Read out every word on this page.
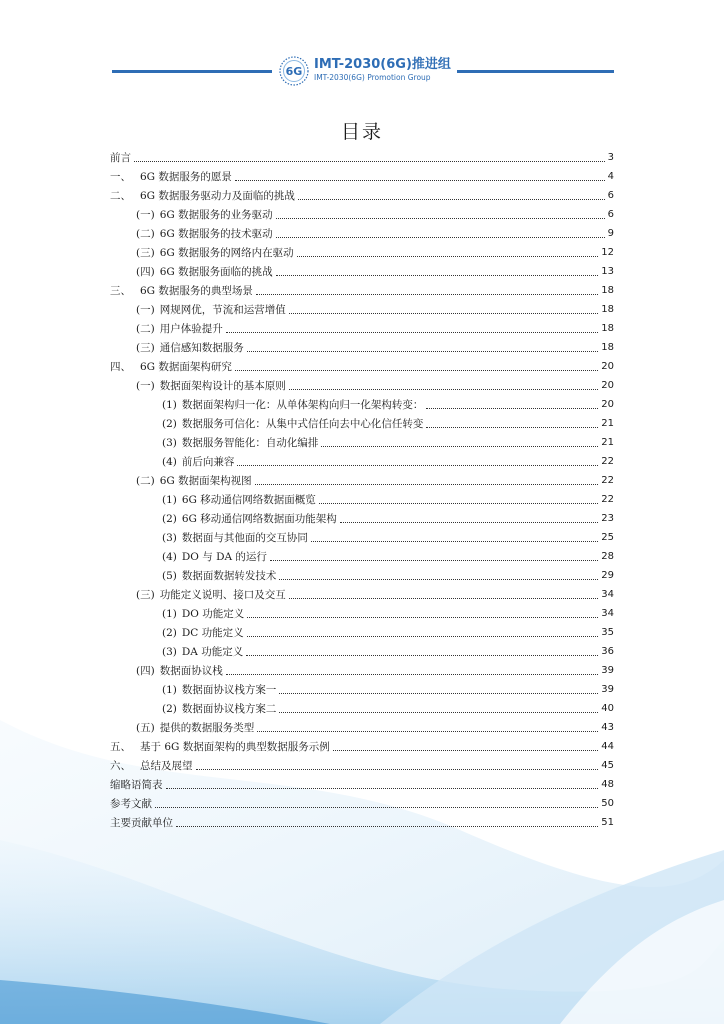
6G IMT-2030(6G)推进组
IMT-2030(6G) Promotion Group
目录
前言	3
一、 6G 数据服务的愿景	4
二、 6G 数据服务驱动力及面临的挑战	6
(一) 6G 数据服务的业务驱动	6
(二) 6G 数据服务的技术驱动	9
(三) 6G 数据服务的网络内在驱动	12
(四) 6G 数据服务面临的挑战	13
三、 6G 数据服务的典型场景	18
(一) 网规网优，节流和运营增值	18
(二) 用户体验提升	18
(三) 通信感知数据服务	18
四、 6G 数据面架构研究	20
(一) 数据面架构设计的基本原则	20
(1) 数据面架构归一化：从单体架构向归一化架构转变：	20
(2) 数据服务可信化：从集中式信任向去中心化信任转变	21
(3) 数据服务智能化：自动化编排	21
(4) 前后向兼容	22
(二) 6G 数据面架构视图	22
(1) 6G 移动通信网络数据面概览	22
(2) 6G 移动通信网络数据面功能架构	23
(3) 数据面与其他面的交互协同	25
(4) DO 与 DA 的运行	28
(5) 数据面数据转发技术	29
(三) 功能定义说明、接口及交互	34
(1) DO 功能定义	34
(2) DC 功能定义	35
(3) DA 功能定义	36
(四) 数据面协议栈	39
(1) 数据面协议栈方案一	39
(2) 数据面协议栈方案二	40
(五) 提供的数据服务类型	43
五、 基于 6G 数据面架构的典型数据服务示例	44
六、 总结及展望	45
缩略语简表	48
参考文献	50
主要贡献单位	51
